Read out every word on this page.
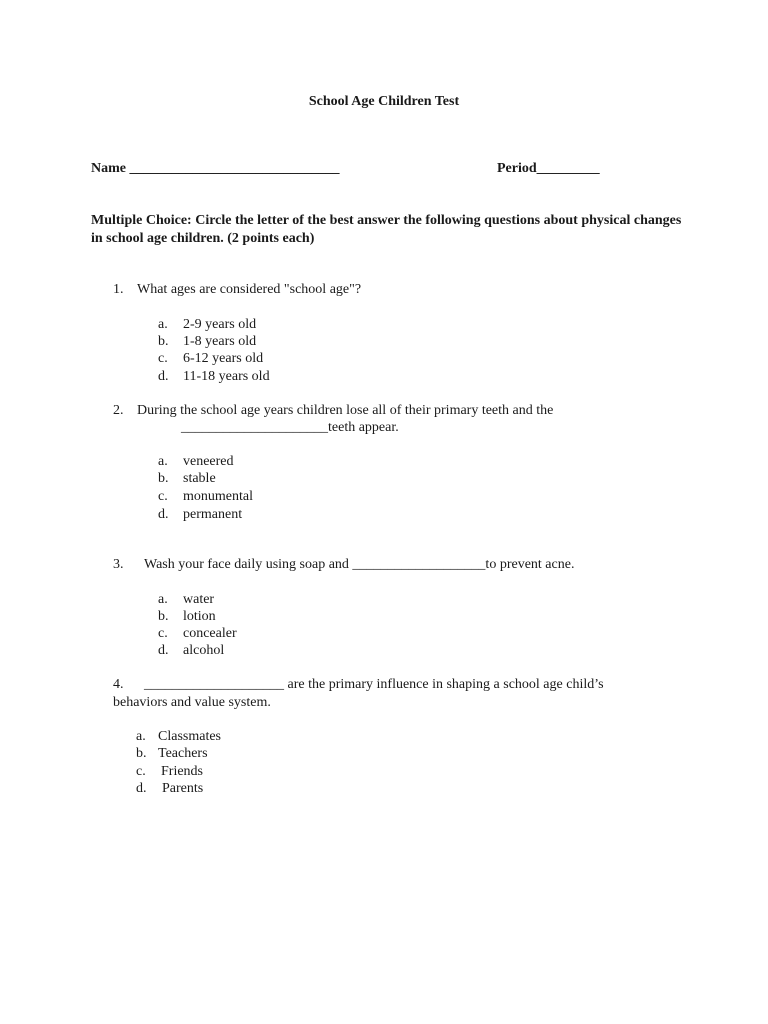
School Age Children Test
Name ______________________________	Period_________
Multiple Choice: Circle the letter of the best answer the following questions about physical changes in school age children. (2 points each)
1. What ages are considered "school age"?
a. 2-9 years old
b. 1-8 years old
c. 6-12 years old
d. 11-18 years old
2. During the school age years children lose all of their primary teeth and the
_____________________teeth appear.
a. veneered
b. stable
c. monumental
d. permanent
3. Wash your face daily using soap and ___________________to prevent acne.
a. water
b. lotion
c. concealer
d. alcohol
4. ____________________ are the primary influence in shaping a school age child’s
behaviors and value system.
a. Classmates
b. Teachers
c. Friends
d. Parents
